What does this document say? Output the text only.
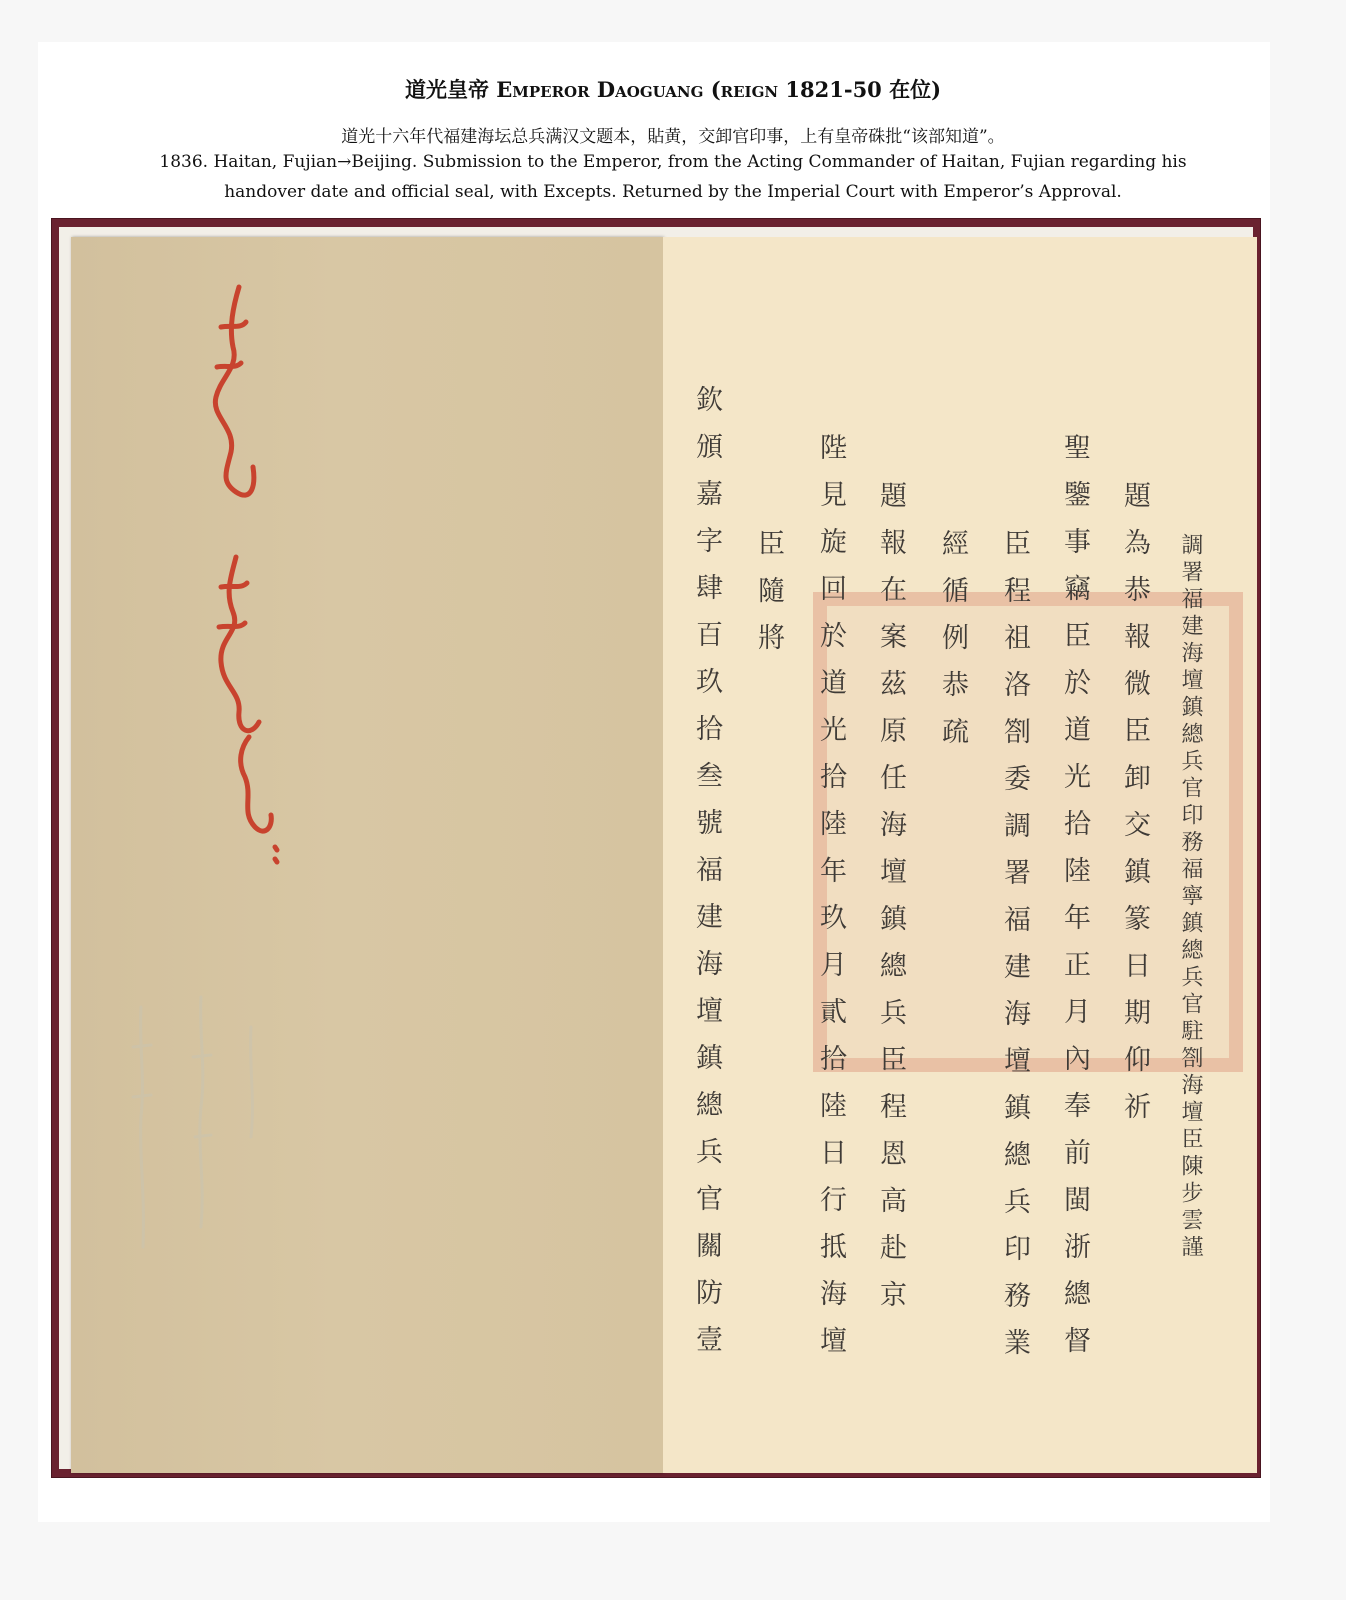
道光皇帝 Emperor Daoguang (reign 1821-50 在位)
道光十六年代福建海坛总兵满汉文题本，貼黄，交卸官印事，上有皇帝硃批“该部知道”。
1836. Haitan, Fujian→Beijing. Submission to the Emperor, from the Acting Commander of Haitan, Fujian regarding his
handover date and official seal, with Excepts. Returned by the Imperial Court with Emperor’s Approval.
調署福建海壇鎮總兵官印務福寧鎮總兵官駐劄海壇臣陳步雲謹
題為恭報微臣卸交鎮篆日期仰祈
聖鑒事竊臣於道光拾陸年正月內奉前閩浙總督
臣程祖洛劄委調署福建海壇鎮總兵印務業
經循例恭疏
題報在案茲原任海壇鎮總兵臣程恩高赴京
陛見旋回於道光拾陸年玖月貳拾陸日行抵海壇
臣隨將
欽頒嘉字肆百玖拾叁號福建海壇鎮總兵官關防壹
